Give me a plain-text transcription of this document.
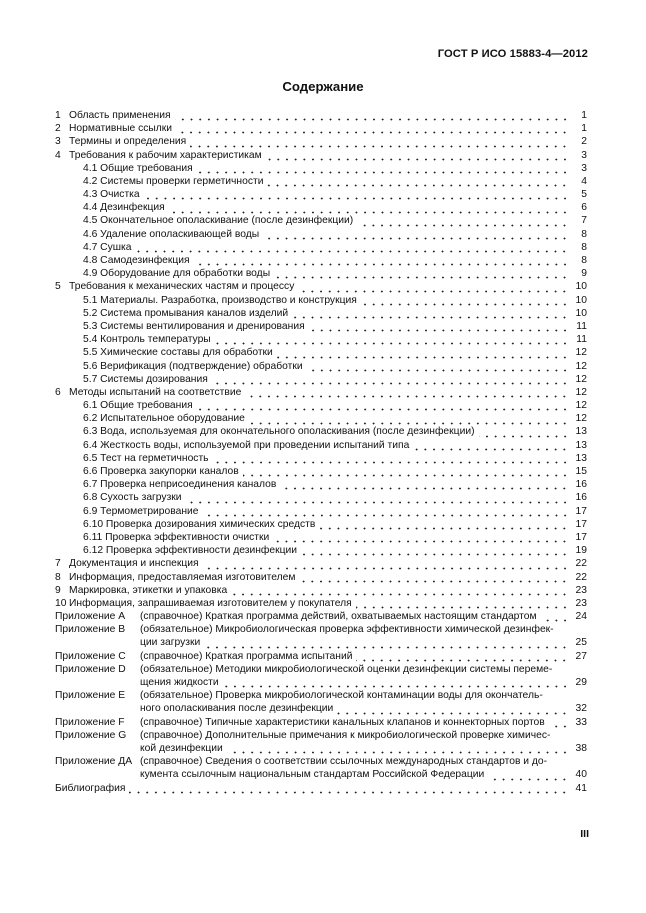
ГОСТ Р ИСО 15883-4—2012
Содержание
1 Область применения	1
2 Нормативные ссылки	1
3 Термины и определения	2
4 Требования к рабочим характеристикам	3
4.1 Общие требования	3
4.2 Системы проверки герметичности	4
4.3 Очистка	5
4.4 Дезинфекция	6
4.5 Окончательное ополаскивание (после дезинфекции)	7
4.6 Удаление ополаскивающей воды	8
4.7 Сушка	8
4.8 Самодезинфекция	8
4.9 Оборудование для обработки воды	9
5 Требования к механических частям и процессу	10
5.1 Материалы. Разработка, производство и конструкция	10
5.2 Система промывания каналов изделий	10
5.3 Системы вентилирования и дренирования	11
5.4 Контроль температуры	11
5.5 Химические составы для обработки	12
5.6 Верификация (подтверждение) обработки	12
5.7 Системы дозирования	12
6 Методы испытаний на соответствие	12
6.1 Общие требования	12
6.2 Испытательное оборудование	12
6.3 Вода, используемая для окончательного ополаскивания (после дезинфекции)	13
6.4 Жесткость воды, используемой при проведении испытаний типа	13
6.5 Тест на герметичность	13
6.6 Проверка закупорки каналов	15
6.7 Проверка неприсоединения каналов	16
6.8 Сухость загрузки	16
6.9 Термометрирование	17
6.10 Проверка дозирования химических средств	17
6.11 Проверка эффективности очистки	17
6.12 Проверка эффективности дезинфекции	19
7 Документация и инспекция	22
8 Информация, предоставляемая изготовителем	22
9 Маркировка, этикетки и упаковка	23
10 Информация, запрашиваемая изготовителем у покупателя	23
Приложение А	(справочное) Краткая программа действий, охватываемых настоящим стандартом	24
Приложение В	(обязательное) Микробиологическая проверка эффективности химической дезинфек-
ции загрузки	25
Приложение С	(справочное) Краткая программа испытаний	27
Приложение D	(обязательное) Методики микробиологической оценки дезинфекции системы переме-
щения жидкости	29
Приложение Е	(обязательное) Проверка микробиологической контаминации воды для окончатель-
ного ополаскивания после дезинфекции	32
Приложение F	(справочное) Типичные характеристики канальных клапанов и коннекторных портов	33
Приложение G	(справочное) Дополнительные примечания к микробиологической проверке химичес-
кой дезинфекции	38
Приложение ДА (справочное) Сведения о соответствии ссылочных международных стандартов и до-
кумента ссылочным национальным стандартам Российской Федерации	40
Библиография	41
III
